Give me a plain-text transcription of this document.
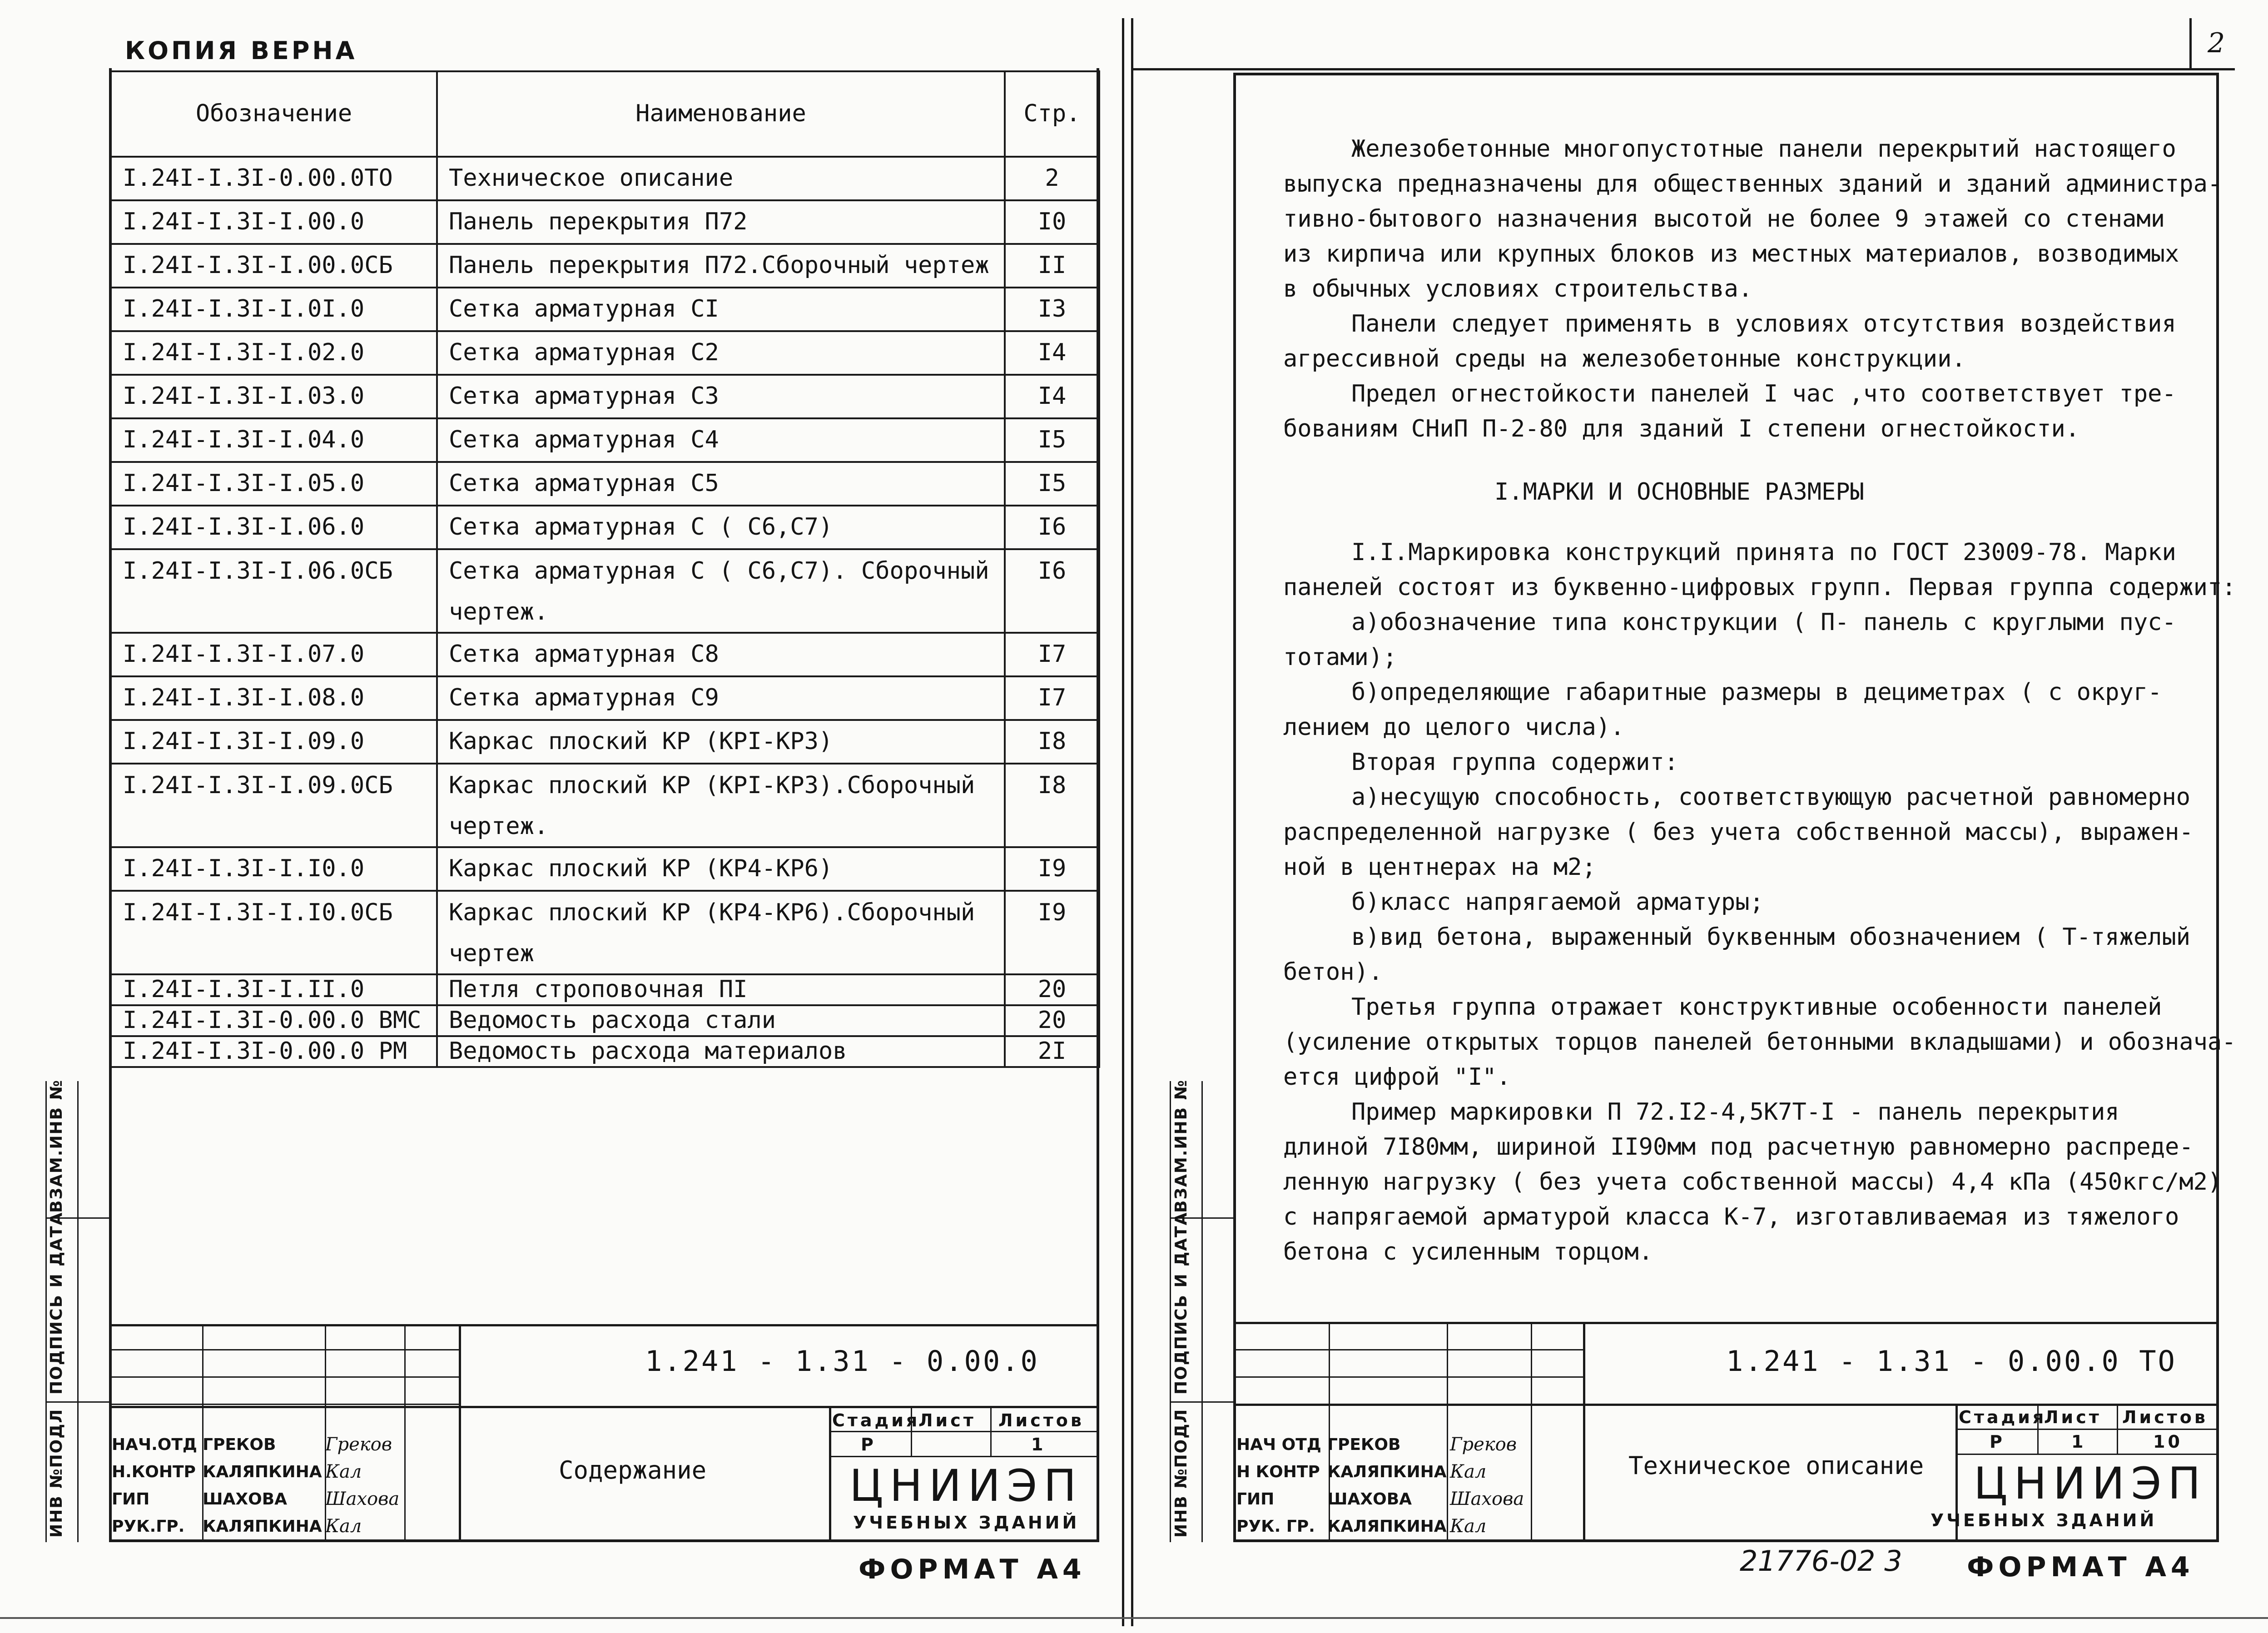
КОПИЯ ВЕРНА
Обозначение	Наименование	Стр.
I.24I-I.3I-0.00.0ТО	Техническое описание	2
I.24I-I.3I-I.00.0	Панель перекрытия П72	I0
I.24I-I.3I-I.00.0СБ	Панель перекрытия П72.Сборочный чертеж	II
I.24I-I.3I-I.0I.0	Сетка арматурная CI	I3
I.24I-I.3I-I.02.0	Сетка арматурная C2	I4
I.24I-I.3I-I.03.0	Сетка арматурная C3	I4
I.24I-I.3I-I.04.0	Сетка арматурная C4	I5
I.24I-I.3I-I.05.0	Сетка арматурная C5	I5
I.24I-I.3I-I.06.0	Сетка арматурная С ( С6,С7)	I6
I.24I-I.3I-I.06.0СБ	Сетка арматурная С ( С6,С7). Сборочный	I6
	чертеж.	
I.24I-I.3I-I.07.0	Сетка арматурная C8	I7
I.24I-I.3I-I.08.0	Сетка арматурная C9	I7
I.24I-I.3I-I.09.0	Каркас плоский КР (КРI-КР3)	I8
I.24I-I.3I-I.09.0СБ	Каркас плоский КР (КРI-КР3).Сборочный	I8
	чертеж.	
I.24I-I.3I-I.I0.0	Каркас плоский КР (КР4-КР6)	I9
I.24I-I.3I-I.I0.0СБ	Каркас плоский КР (КР4-КР6).Сборочный	I9
	чертеж	
I.24I-I.3I-I.II.0	Петля строповочная ПI	20
I.24I-I.3I-0.00.0 ВМС	Ведомость расхода стали	20
I.24I-I.3I-0.00.0 РМ	Ведомость расхода материалов	2I
ИНВ №ПОДЛ
ПОДПИСЬ И ДАТА
ВЗАМ.ИНВ №
1.241 - 1.31 - 0.00.0
НАЧ.ОТД ГРЕКОВ	Греков
Н.КОНТР КАЛЯПКИНА Кал
ГИП	ШАХОВА	Шахова
РУК.ГР.	КАЛЯПКИНА Кал
Содержание
Стадия
Лист Листов
Р	1
ЦНИИЭП
УЧЕБНЫХ ЗДАНИЙ
ФОРМАТ А4
2

Железобетонные многопустотные панели перекрытий настоящего

выпуска предназначены для общественных зданий и зданий администра-

тивно-бытового назначения высотой не более 9 этажей со стенами

из кирпича или крупных блоков из местных материалов, возводимых

в обычных условиях строительства.

Панели следует применять в условиях отсутствия воздействия

агрессивной среды на железобетонные конструкции.

Предел огнестойкости панелей I час ,что соответствует тре-

бованиям СНиП П-2-80 для зданий I степени огнестойкости.

I.МАРКИ И ОСНОВНЫЕ РАЗМЕРЫ

I.I.Маркировка конструкций принята по ГОСТ 23009-78. Марки

панелей состоят из буквенно-цифровых групп. Первая группа содержит:

а)обозначение типа конструкции ( П- панель с круглыми пус-

тотами);

б)определяющие габаритные размеры в дециметрах ( с округ-

лением до целого числа).

Вторая группа содержит:

а)несущую способность, соответствующую расчетной равномерно

распределенной нагрузке ( без учета собственной массы), выражен-

ной в центнерах на м2;

б)класс напрягаемой арматуры;

в)вид бетона, выраженный буквенным обозначением ( Т-тяжелый

бетон).

Третья группа отражает конструктивные особенности панелей

(усиление открытых торцов панелей бетонными вкладышами) и обознача-

ется цифрой "I".

Пример маркировки П 72.I2-4,5К7Т-I - панель перекрытия

длиной 7I80мм, шириной II90мм под расчетную равномерно распреде-

ленную нагрузку ( без учета собственной массы) 4,4 кПа (450кгс/м2)

с напрягаемой арматурой класса К-7, изготавливаемая из тяжелого

бетона с усиленным торцом.

ИНВ №ПОДЛ
ПОДПИСЬ И ДАТА
ВЗАМ.ИНВ №
1.241 - 1.31 - 0.00.0 ТО
НАЧ ОТД ГРЕКОВ	Греков
Н КОНТР КАЛЯПКИНА Кал
ГИП	ШАХОВА	Шахова
РУК. ГР. КАЛЯПКИНА Кал
Техническое описание
Стадия
Лист Листов
Р	1	10
ЦНИИЭП
УЧЕБНЫХ ЗДАНИЙ
21776-02 3 ФОРМАТ А4
